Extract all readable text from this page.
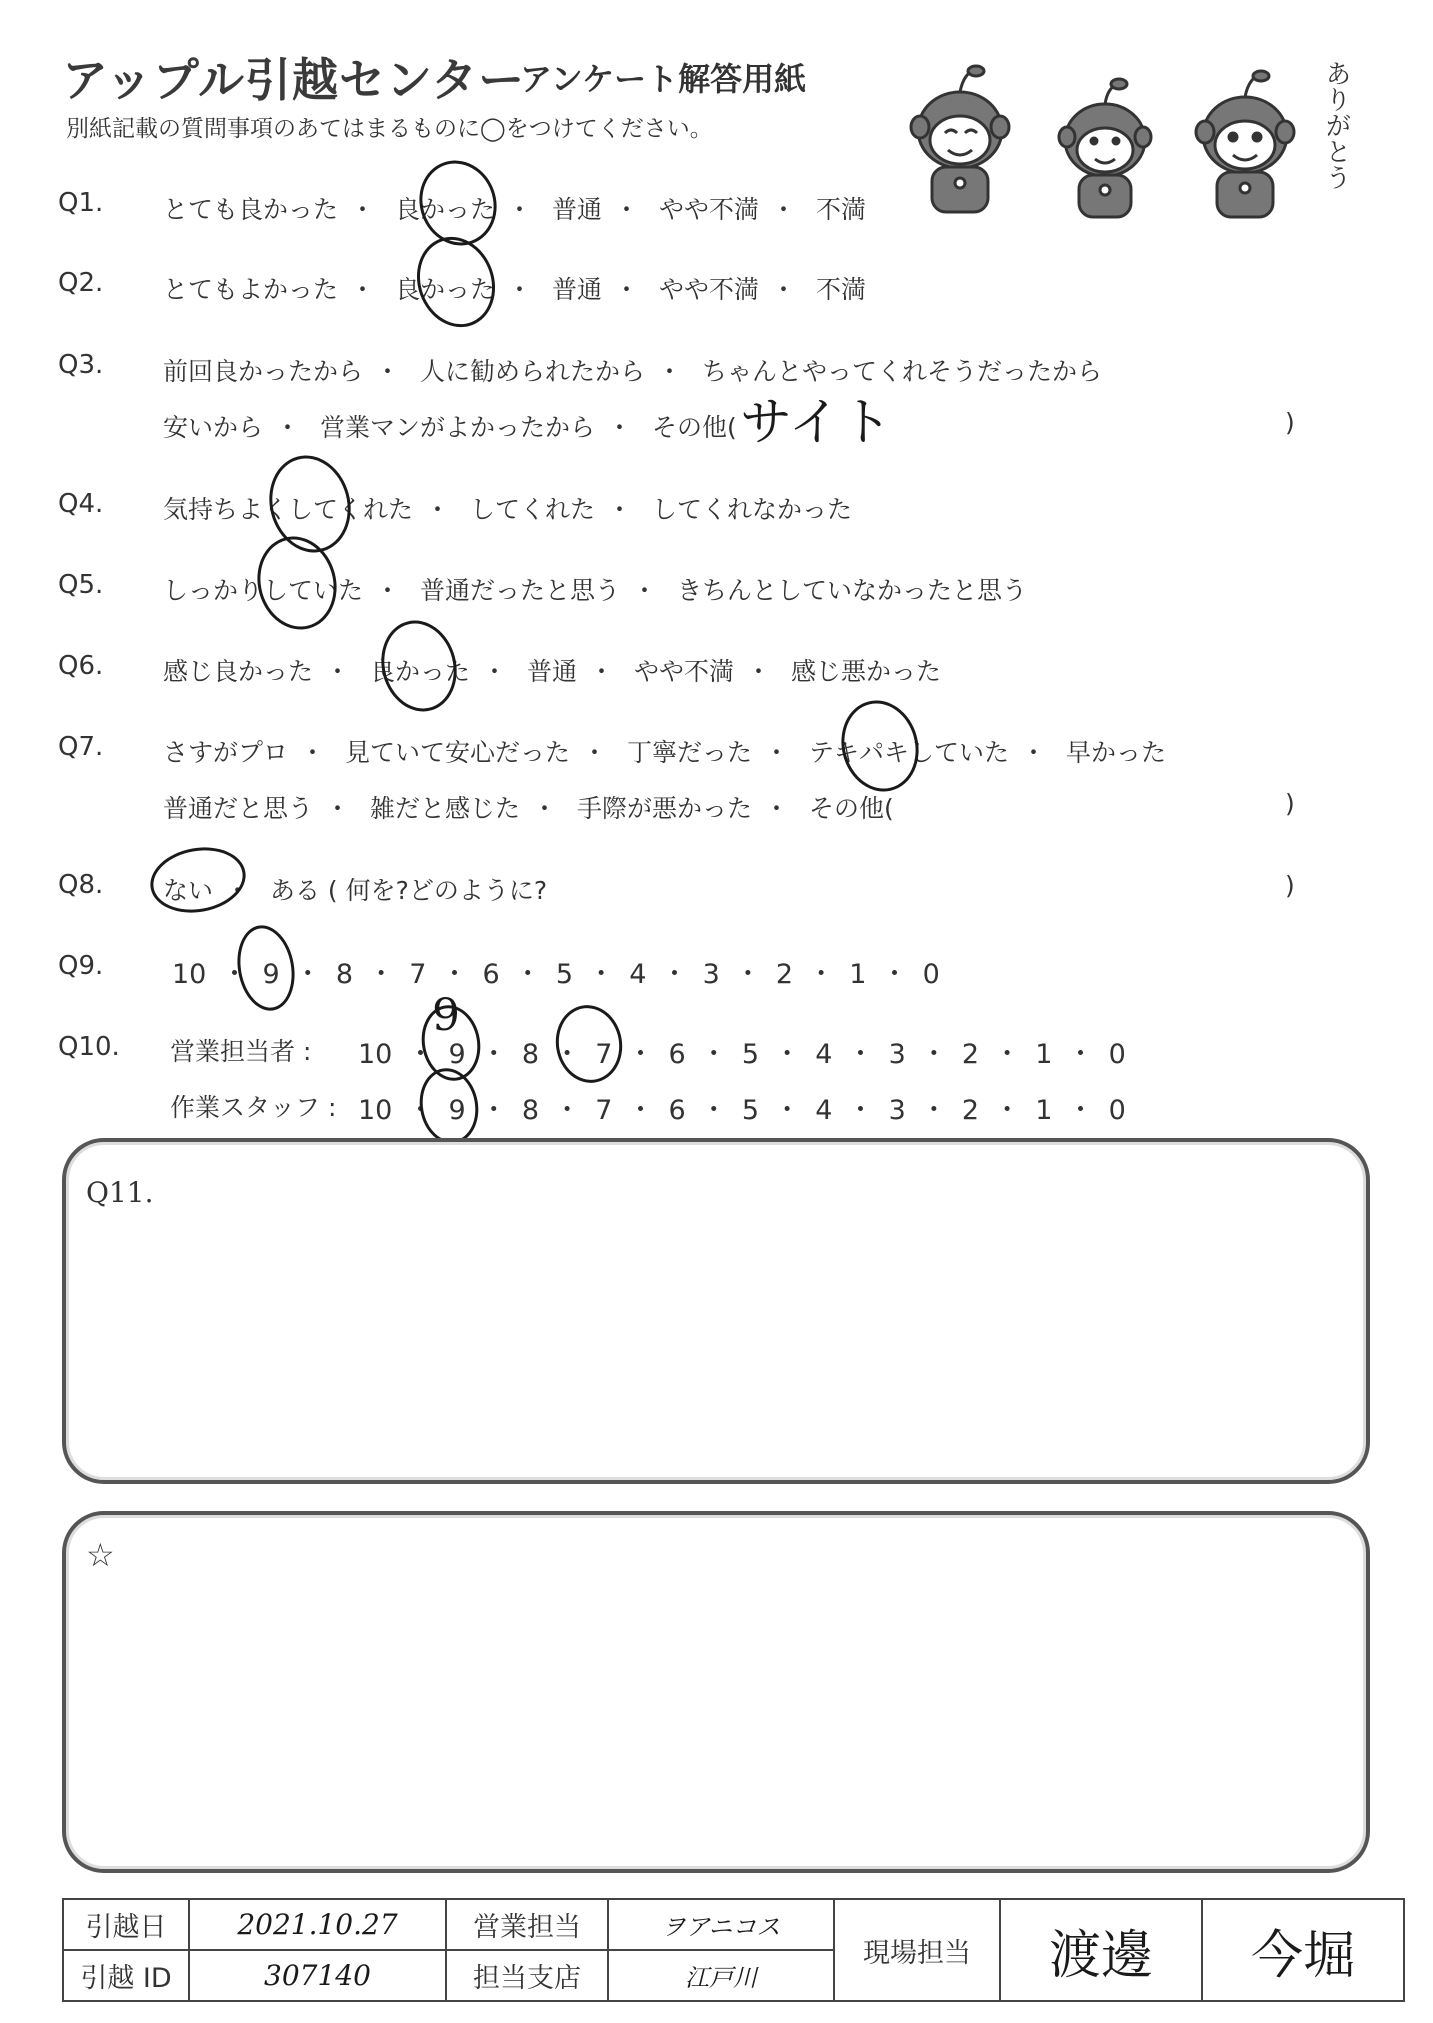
アップル引越センター
アンケート解答用紙
別紙記載の質問事項のあてはまるものに◯をつけてください。	ありがとう
Q1. とても良かった ・ 良かった ・ 普通 ・ やや不満 ・ 不満
Q2. とてもよかった ・ 良かった ・ 普通 ・ やや不満 ・ 不満
Q3. 前回良かったから ・ 人に勧められたから ・ ちゃんとやってくれそうだったから
安いから ・ 営業マンがよかったから ・ その他( サイト	)
Q4. 気持ちよくしてくれた ・ してくれた ・ してくれなかった
Q5. しっかりしていた ・ 普通だったと思う ・ きちんとしていなかったと思う
Q6. 感じ良かった ・ 良かった ・ 普通 ・ やや不満 ・ 感じ悪かった
Q7. さすがプロ ・ 見ていて安心だった ・ 丁寧だった ・ テキパキしていた ・ 早かった
普通だと思う ・ 雑だと感じた ・ 手際が悪かった ・ その他(	)
Q8. ない ・ ある ( 何を?どのように?	)
Q9.	10 ・ 9 ・ 8 ・ 7 ・ 6 ・ 5 ・ 4 ・ 3 ・ 2 ・ 1 ・ 0
Q10. 営業担当者 : 10 ・ 9 ・ 8 ・ 7 ・ 6 ・ 5 ・ 4 ・ 3 ・ 2 ・ 1 ・ 0
作業スタッフ : 10 ・ 9 ・ 8 ・ 7 ・ 6 ・ 5 ・ 4 ・ 3 ・ 2 ・ 1 ・ 0
9
Q11.
☆
引越日	2021.10.27	営業担当	ヲアニコス	現場担当	渡邊	今堀
引越 ID	307140	担当支店	江戸川			
